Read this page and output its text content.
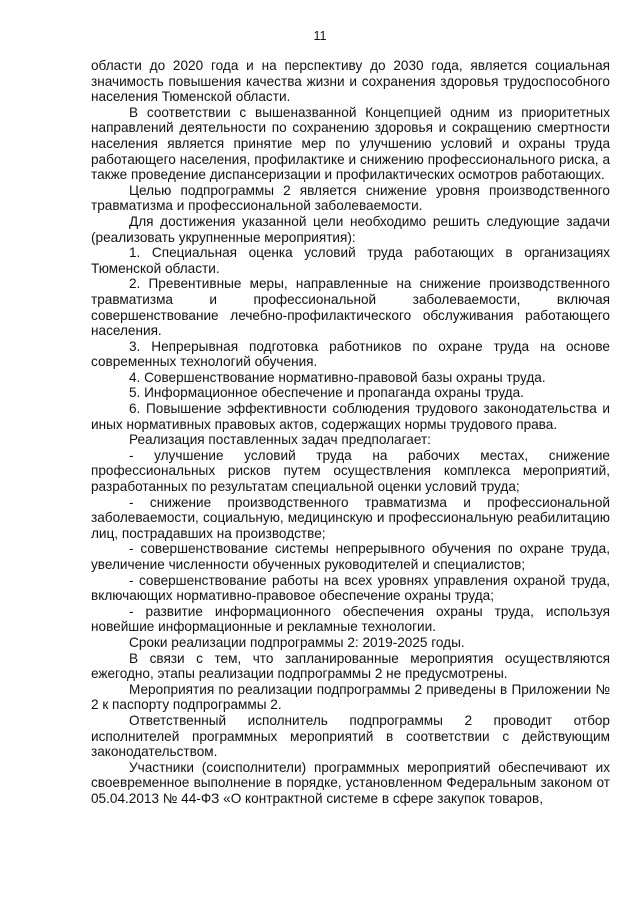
11

области до 2020 года и на перспективу до 2030 года, является социальная значимость повышения качества жизни и сохранения здоровья трудоспособного населения Тюменской области.

В соответствии с вышеназванной Концепцией одним из приоритетных направлений деятельности по сохранению здоровья и сокращению смертности населения является принятие мер по улучшению условий и охраны труда работающего населения, профилактике и снижению профессионального риска, а также проведение диспансеризации и профилактических осмотров работающих.

Целью подпрограммы 2 является снижение уровня производственного травматизма и профессиональной заболеваемости.

Для достижения указанной цели необходимо решить следующие задачи (реализовать укрупненные мероприятия):

1. Специальная оценка условий труда работающих в организациях Тюменской области.

2. Превентивные меры, направленные на снижение производственного травматизма и профессиональной заболеваемости, включая совершенствование лечебно-профилактического обслуживания работающего населения.

3. Непрерывная подготовка работников по охране труда на основе современных технологий обучения.

4. Совершенствование нормативно-правовой базы охраны труда.

5. Информационное обеспечение и пропаганда охраны труда.

6. Повышение эффективности соблюдения трудового законодательства и иных нормативных правовых актов, содержащих нормы трудового права.

Реализация поставленных задач предполагает:

- улучшение условий труда на рабочих местах, снижение профессиональных рисков путем осуществления комплекса мероприятий, разработанных по результатам специальной оценки условий труда;

- снижение производственного травматизма и профессиональной заболеваемости, социальную, медицинскую и профессиональную реабилитацию лиц, пострадавших на производстве;

- совершенствование системы непрерывного обучения по охране труда, увеличение численности обученных руководителей и специалистов;

- совершенствование работы на всех уровнях управления охраной труда, включающих нормативно-правовое обеспечение охраны труда;

- развитие информационного обеспечения охраны труда, используя новейшие информационные и рекламные технологии.

Сроки реализации подпрограммы 2: 2019-2025 годы.

В связи с тем, что запланированные мероприятия осуществляются ежегодно, этапы реализации подпрограммы 2 не предусмотрены.

Мероприятия по реализации подпрограммы 2 приведены в Приложении № 2 к паспорту подпрограммы 2.

Ответственный исполнитель подпрограммы 2 проводит отбор исполнителей программных мероприятий в соответствии с действующим законодательством.

Участники (соисполнители) программных мероприятий обеспечивают их своевременное выполнение в порядке, установленном Федеральным законом от 05.04.2013 № 44-ФЗ «О контрактной системе в сфере закупок товаров,
